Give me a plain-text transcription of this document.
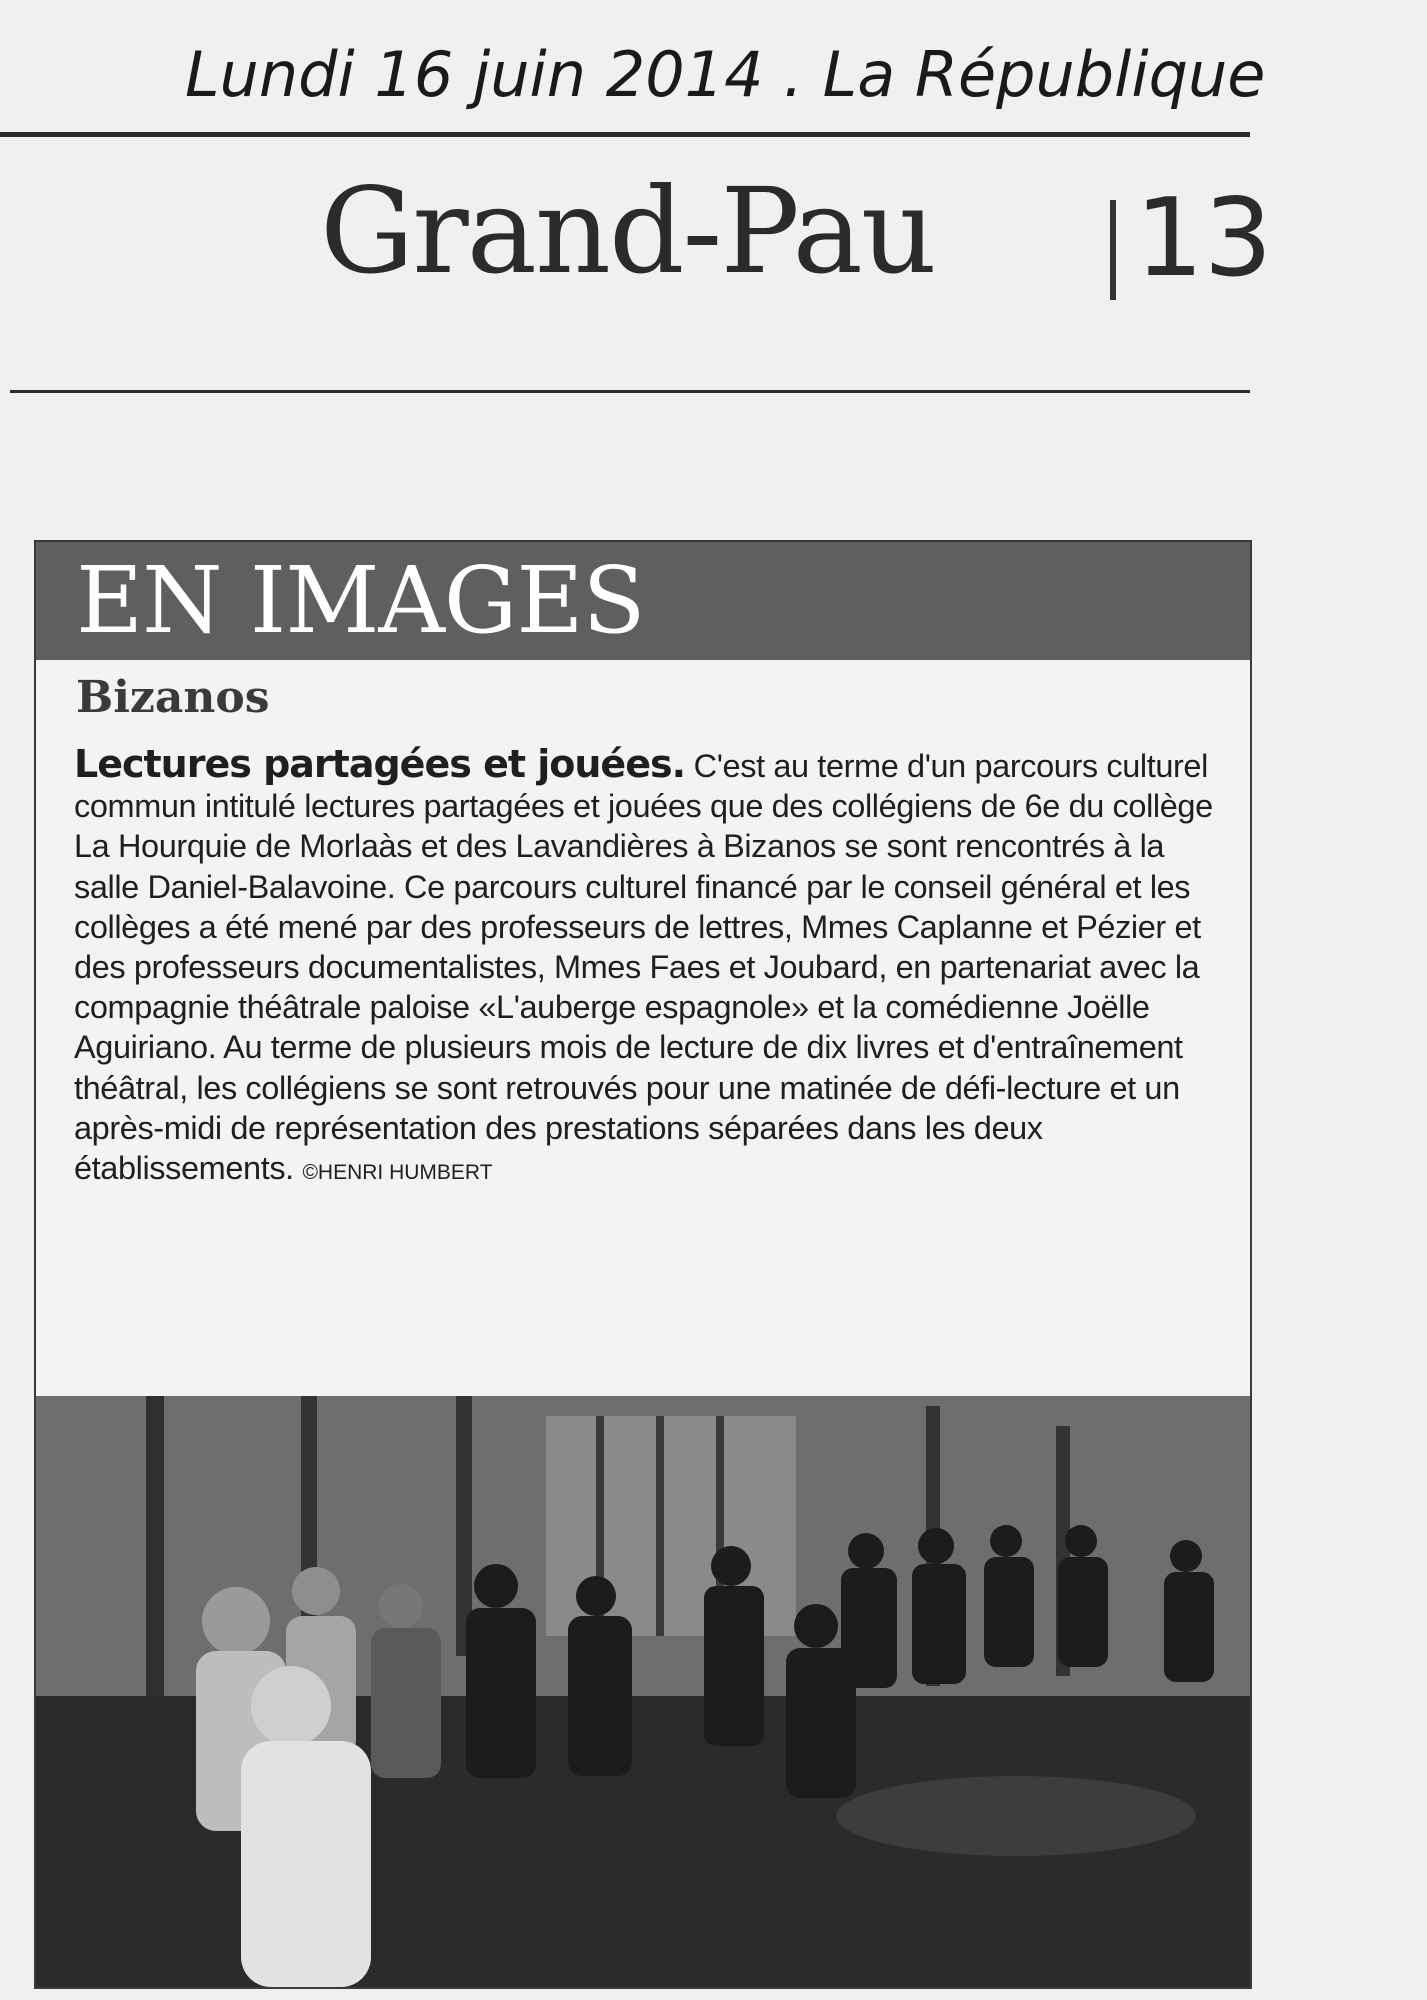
Lundi 16 juin 2014 . La République
Grand-Pau 13
EN IMAGES
Bizanos
Lectures partagées et jouées. C'est au terme d'un parcours culturel commun intitulé lectures partagées et jouées que des collégiens de 6e du collège La Hourquie de Morlaàs et des Lavandières à Bizanos se sont rencontrés à la salle Daniel-Balavoine. Ce parcours culturel financé par le conseil général et les collèges a été mené par des professeurs de lettres, Mmes Caplanne et Pézier et des professeurs documentalistes, Mmes Faes et Joubard, en partenariat avec la compagnie théâtrale paloise «L'auberge espagnole» et la comédienne Joëlle Aguiriano. Au terme de plusieurs mois de lecture de dix livres et d'entraînement théâtral, les collégiens se sont retrouvés pour une matinée de défi-lecture et un après-midi de représentation des prestations séparées dans les deux établissements. ©HENRI HUMBERT
